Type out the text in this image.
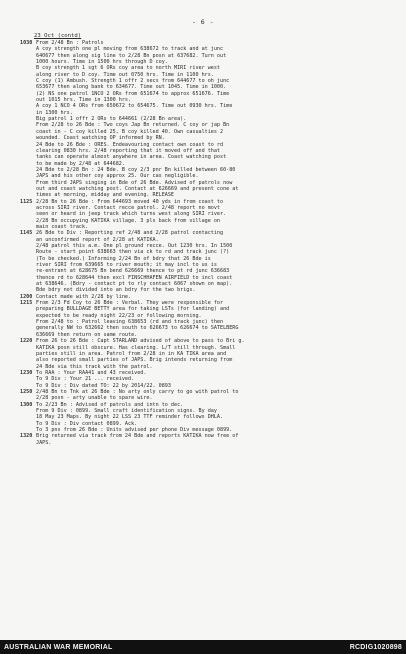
- 6 -
23 Oct (contd)
1030 From 2/48 Bn : Patrols
A coy strength one pl moving from 638672 to track and at junc
640677 then along sig line to 2/28 Bn posn at 637682. Turn out
1000 hours. Time in 1500 hrs through D coy.
B coy strength 1 sgt 6 ORs coy area to north MIRI river west
along river to D coy. Time out 0750 hrs. Time in 1100 hrs.
C coy (1) Ambush. Strength 1 offr 2 secs from 644677 to oh junc
653677 then along bank to 634677. Time out 1045. Time in 1000.
(2) NS one patrol 1NCO 2 ORs from 651674 to approx 651676. Time
out 1015 hrs. Time in 1300 hrs.
A coy 1 NCO 4 ORs from 650672 to 654675. Time out 0930 hrs. Time
in 1300 hrs.
Big patrol 1 offr 2 ORs to 644661 (2/28 Bn area).
From 2/28 to 26 Bde : Two coys Jap Bn returned. C coy or jap Bn
coast in - C coy killed 25, B coy killed 40. Own casualties 2
wounded. Coast watching OP informed by RN.
24 Bde to 26 Bde : ORES. Endeavouring contact own coast to rd
clearing 0830 hrs. 2/48 reporting that it moved off and that
tanks can operate almost anywhere in area. Coast watching post
to be made by 2/48 at 644682.
24 Bde to 2/28 Bn : 24 Bde. B coy 2/3 pnr Bn killed between 60-80
JAPS and his other coy approx 25. Our cas negligible.
From third JAPS singing in Bde of 26 Bde. Advised of patrols now
out and coast watching post. Contact at 626669 and present cone at
times at morning, midday and evening. RELEASE
1125 2/28 Bn to 26 Bde : From 644693 moved 40 yds in from coast to
across SIRI river. Contact recce patrol. 2/48 report no movt
seen or heard in jeep track which turns west along SIRI river.
2/28 Bn occupying KATIKA village. 3 pls back from village on
main coast track.
1145 26 Bde to Div : Reporting ref 2/48 and 2/28 patrol contacting
an unconfirmed report of 2/28 at KATIKA.
2/48 patrol this a.m. One pl ground recce. Out 1230 hrs. In 1500
Route - start point 638663 then via ck to rd and track junc (?)
(To be checked.) Informing 2/24 Bn of bdry that 26 Bde is
river SIRI from 639665 to river mouth; it may incl to us is
re-entrant at 628675 Bn bend 626669 thence to pt rd junc 636683
thence rd to 628644 then excl FINSCHHAFEN AIRFIELD to incl coast
at 638646. (Bdry - contact pt to rly contact 6067 shown on map).
Bde bdry not divided into an bdry for the two brigs.
1200 Contact made with 2/28 by line.
1215 From 2/3 Fd Coy to 26 Bde : Verbal. They were responsible for
preparing BULLDAGE BETTY area for taking LSTs (for landing) and
expected to be ready night 22/23 or following morning.
From 2/48 to : Patrol leaving 638653 (rd and track junc) then
generally NW to 632662 then south to 626673 to 626674 to SATELBERG
636669 then return on same route.
1220 From 26 to 26 Bde : Capt STARLAND advised of above to pass to Bri g.
KATIKA posn still obscure. Has clearing. L/T still through. Small
parties still in area. Patrol from 2/28 in in KA TIKA area and
also reported small parties of JAPS. Brig intends returning from
24 Bde via this track with the patrol.
1230 To RAA : Your RAA41 and 43 received.
To 9 Div : Your 21 ... received.
To 9 Div : Div dated TO: 22 by 2014/22. 0893
1250 2/48 Bn to Tnk at 26 Bde : No arty only carry to go with patrol to
2/28 posn - arty unable to spare wire.
1300 To 2/23 Bn : Advised of patrols and intn to dec.
From 9 Div : 0899. Small craft identification signs. By day
18 May 23 Maps. By night 22 LSS 23 TTF reminder follows DHLA.
To 9 Div : Div contact 0899. Ack.
To 3 pns from 26 Bde : Units advised per phone Div message 0899.
1320 Brig returned via track from 24 Bde and reports KATIKA now free of
JAPS.
AUSTRALIAN WAR MEMORIAL	RCDIG1020898
